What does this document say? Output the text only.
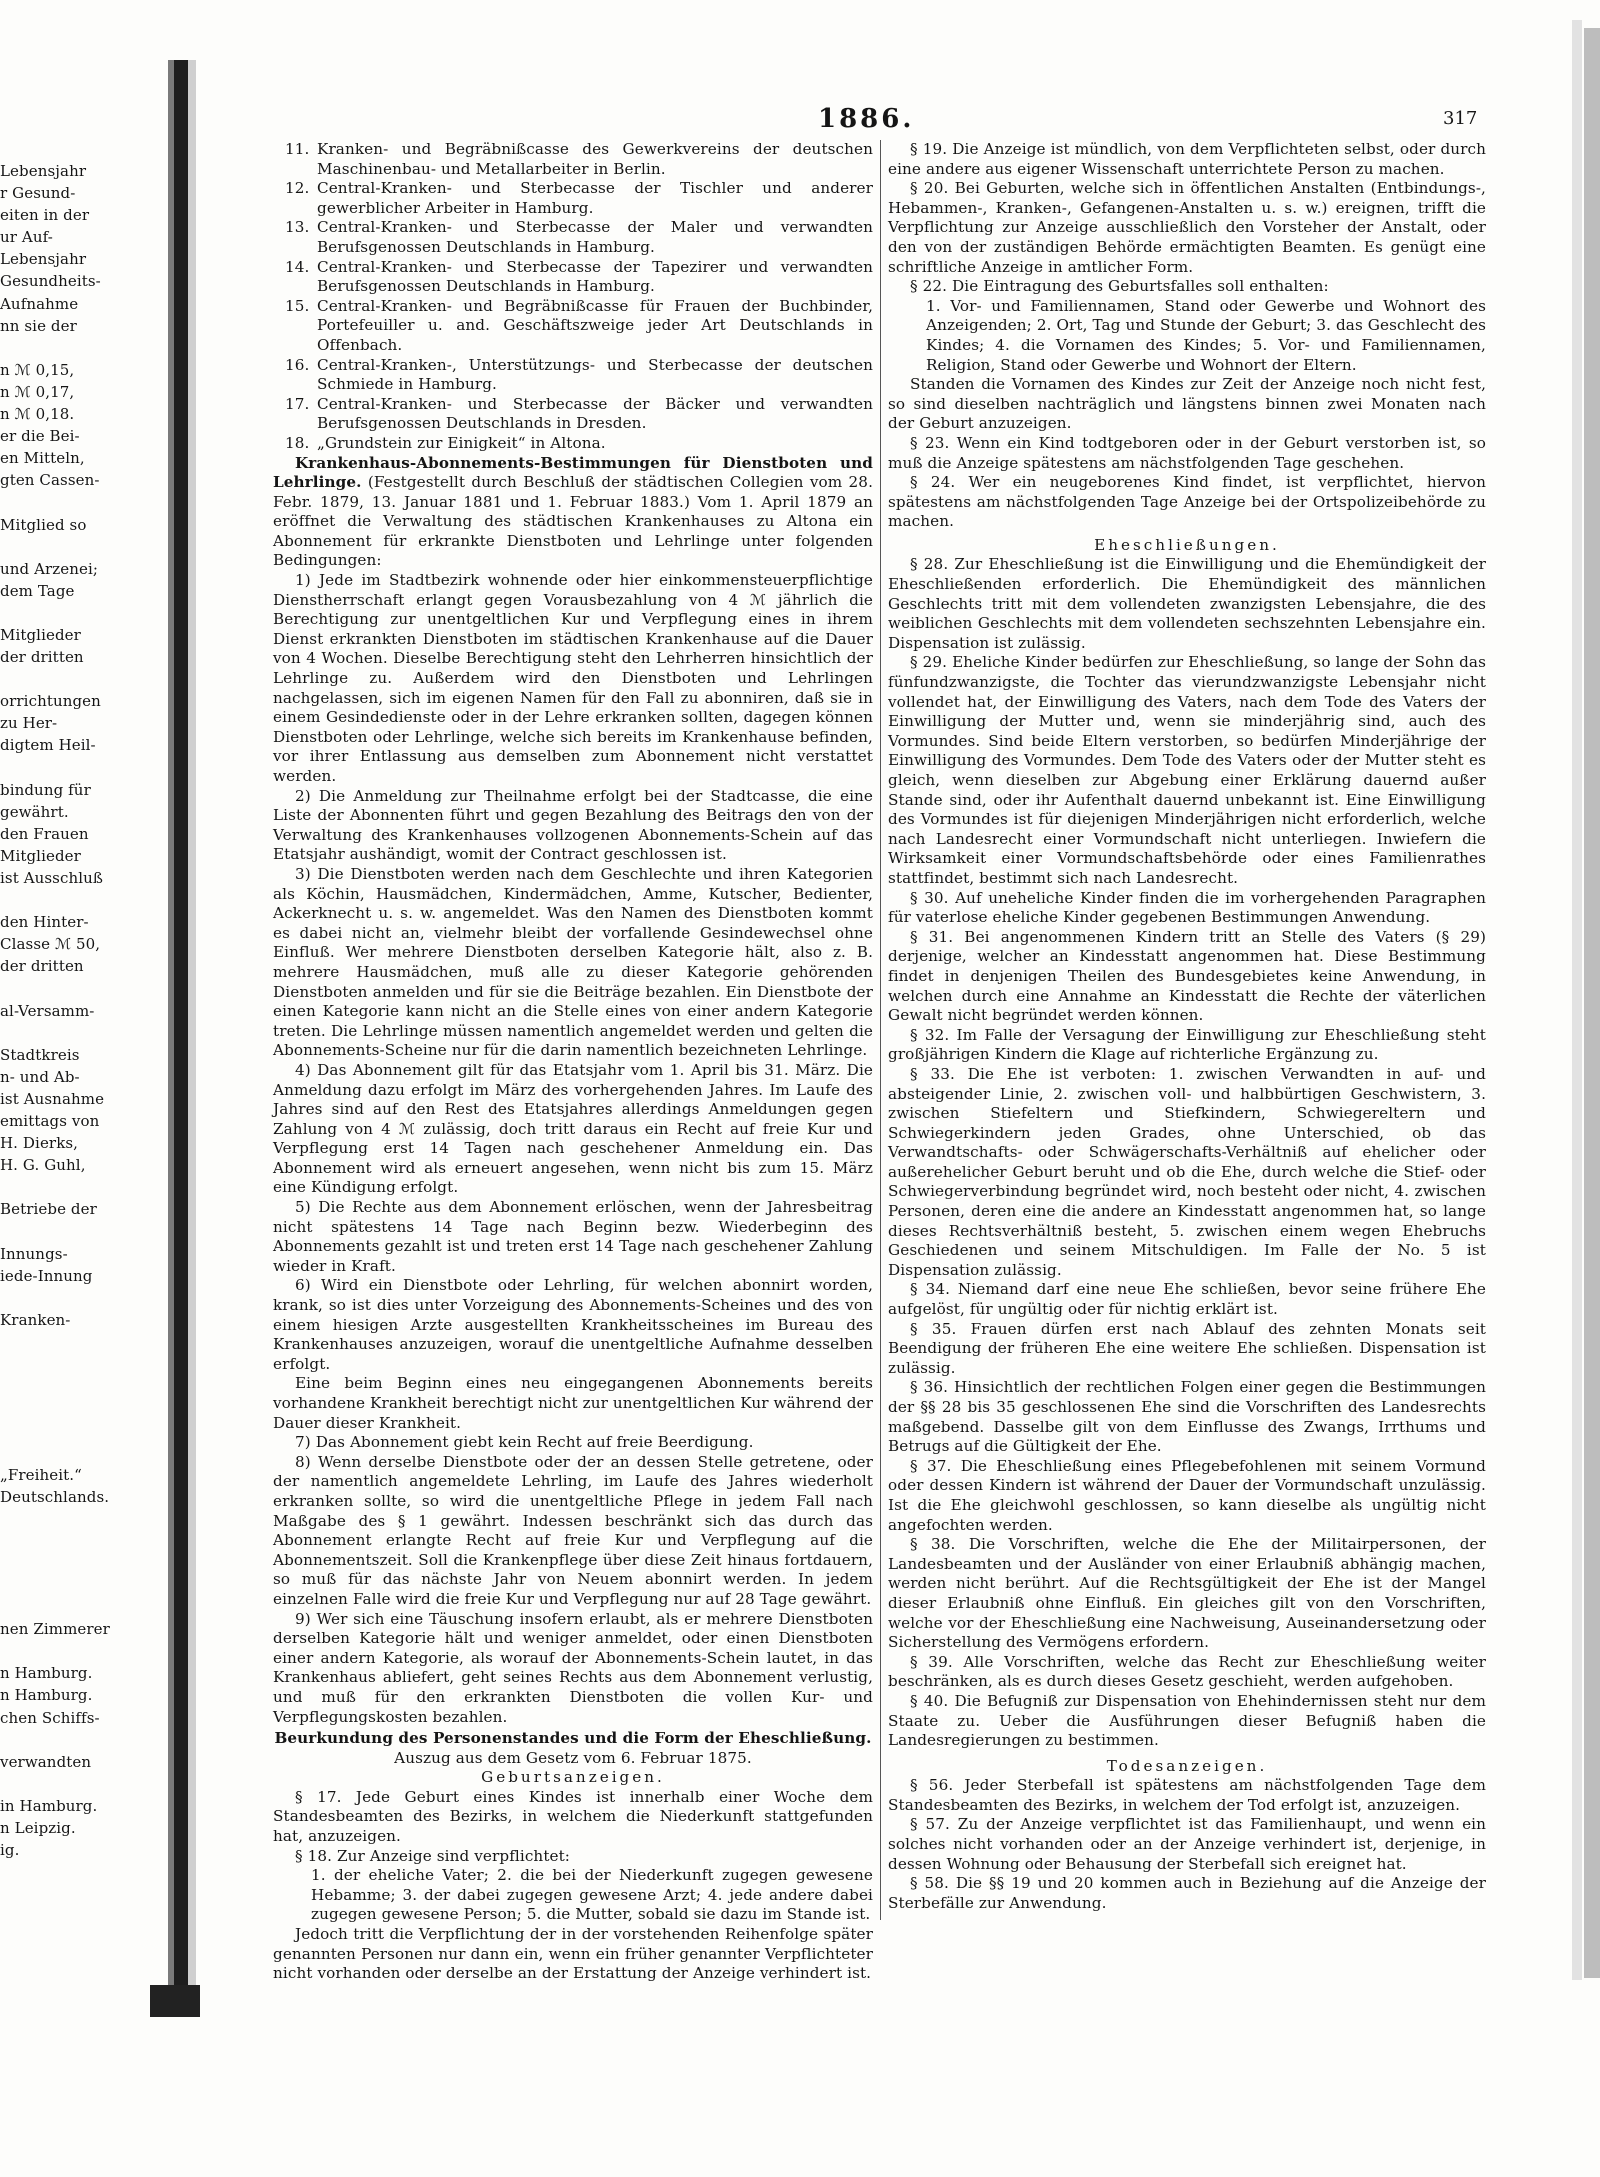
1886.	317

Lebensjahr

r Gesund-

eiten in der

ur Auf-

Lebensjahr

Gesundheits-

Aufnahme

nn sie der

n ℳ 0,15,

n ℳ 0,17,

n ℳ 0,18.

er die Bei-

en Mitteln,

gten Cassen-

Mitglied so

und Arzenei;

dem Tage

Mitglieder

der dritten

orrichtungen

zu Her-

digtem Heil-

bindung für

gewährt.

den Frauen

Mitglieder

ist Ausschluß

den Hinter-

Classe ℳ 50,

der dritten

al-Versamm-

Stadtkreis

n- und Ab-

ist Ausnahme

emittags von

H. Dierks,

H. G. Guhl,

Betriebe der

Innungs-

iede-Innung

Kranken-

„Freiheit.“

Deutschlands.

nen Zimmerer

n Hamburg.

n Hamburg.

chen Schiffs-

verwandten

in Hamburg.

n Leipzig.

ig.

11. Kranken- und Begräbnißcasse des Gewerkvereins der deutschen Maschinenbau- und Metallarbeiter in Berlin.

12. Central-Kranken- und Sterbecasse der Tischler und anderer gewerblicher Arbeiter in Hamburg.

13. Central-Kranken- und Sterbecasse der Maler und verwandten Berufsgenossen Deutschlands in Hamburg.

14. Central-Kranken- und Sterbecasse der Tapezirer und verwandten Berufsgenossen Deutschlands in Hamburg.

15. Central-Kranken- und Begräbnißcasse für Frauen der Buchbinder, Portefeuiller u. and. Geschäftszweige jeder Art Deutschlands in Offenbach.

16. Central-Kranken-, Unterstützungs- und Sterbecasse der deutschen Schmiede in Hamburg.

17. Central-Kranken- und Sterbecasse der Bäcker und verwandten Berufsgenossen Deutschlands in Dresden.

18. „Grundstein zur Einigkeit“ in Altona.

Krankenhaus-Abonnements-Bestimmungen für Dienstboten und Lehrlinge. (Festgestellt durch Beschluß der städtischen Collegien vom 28. Febr. 1879, 13. Januar 1881 und 1. Februar 1883.) Vom 1. April 1879 an eröffnet die Verwaltung des städtischen Krankenhauses zu Altona ein Abonnement für erkrankte Dienstboten und Lehrlinge unter folgenden Bedingungen:

1) Jede im Stadtbezirk wohnende oder hier einkommensteuerpflichtige Dienstherrschaft erlangt gegen Vorausbezahlung von 4 ℳ jährlich die Berechtigung zur unentgeltlichen Kur und Verpflegung eines in ihrem Dienst erkrankten Dienstboten im städtischen Krankenhause auf die Dauer von 4 Wochen. Dieselbe Berechtigung steht den Lehrherren hinsichtlich der Lehrlinge zu. Außerdem wird den Dienstboten und Lehrlingen nachgelassen, sich im eigenen Namen für den Fall zu abonniren, daß sie in einem Gesindedienste oder in der Lehre erkranken sollten, dagegen können Dienstboten oder Lehrlinge, welche sich bereits im Krankenhause befinden, vor ihrer Entlassung aus demselben zum Abonnement nicht verstattet werden.

2) Die Anmeldung zur Theilnahme erfolgt bei der Stadtcasse, die eine Liste der Abonnenten führt und gegen Bezahlung des Beitrags den von der Verwaltung des Krankenhauses vollzogenen Abonnements-Schein auf das Etatsjahr aushändigt, womit der Contract geschlossen ist.

3) Die Dienstboten werden nach dem Geschlechte und ihren Kategorien als Köchin, Hausmädchen, Kindermädchen, Amme, Kutscher, Bedienter, Ackerknecht u. s. w. angemeldet. Was den Namen des Dienstboten kommt es dabei nicht an, vielmehr bleibt der vorfallende Gesindewechsel ohne Einfluß. Wer mehrere Dienstboten derselben Kategorie hält, also z. B. mehrere Hausmädchen, muß alle zu dieser Kategorie gehörenden Dienstboten anmelden und für sie die Beiträge bezahlen. Ein Dienstbote der einen Kategorie kann nicht an die Stelle eines von einer andern Kategorie treten. Die Lehrlinge müssen namentlich angemeldet werden und gelten die Abonnements-Scheine nur für die darin namentlich bezeichneten Lehrlinge.

4) Das Abonnement gilt für das Etatsjahr vom 1. April bis 31. März. Die Anmeldung dazu erfolgt im März des vorhergehenden Jahres. Im Laufe des Jahres sind auf den Rest des Etatsjahres allerdings Anmeldungen gegen Zahlung von 4 ℳ zulässig, doch tritt daraus ein Recht auf freie Kur und Verpflegung erst 14 Tagen nach geschehener Anmeldung ein. Das Abonnement wird als erneuert angesehen, wenn nicht bis zum 15. März eine Kündigung erfolgt.

5) Die Rechte aus dem Abonnement erlöschen, wenn der Jahresbeitrag nicht spätestens 14 Tage nach Beginn bezw. Wiederbeginn des Abonnements gezahlt ist und treten erst 14 Tage nach geschehener Zahlung wieder in Kraft.

6) Wird ein Dienstbote oder Lehrling, für welchen abonnirt worden, krank, so ist dies unter Vorzeigung des Abonnements-Scheines und des von einem hiesigen Arzte ausgestellten Krankheitsscheines im Bureau des Krankenhauses anzuzeigen, worauf die unentgeltliche Aufnahme desselben erfolgt.

Eine beim Beginn eines neu eingegangenen Abonnements bereits vorhandene Krankheit berechtigt nicht zur unentgeltlichen Kur während der Dauer dieser Krankheit.

7) Das Abonnement giebt kein Recht auf freie Beerdigung.

8) Wenn derselbe Dienstbote oder der an dessen Stelle getretene, oder der namentlich angemeldete Lehrling, im Laufe des Jahres wiederholt erkranken sollte, so wird die unentgeltliche Pflege in jedem Fall nach Maßgabe des § 1 gewährt. Indessen beschränkt sich das durch das Abonnement erlangte Recht auf freie Kur und Verpflegung auf die Abonnementszeit. Soll die Krankenpflege über diese Zeit hinaus fortdauern, so muß für das nächste Jahr von Neuem abonnirt werden. In jedem einzelnen Falle wird die freie Kur und Verpflegung nur auf 28 Tage gewährt.

9) Wer sich eine Täuschung insofern erlaubt, als er mehrere Dienstboten derselben Kategorie hält und weniger anmeldet, oder einen Dienstboten einer andern Kategorie, als worauf der Abonnements-Schein lautet, in das Krankenhaus abliefert, geht seines Rechts aus dem Abonnement verlustig, und muß für den erkrankten Dienstboten die vollen Kur- und Verpflegungskosten bezahlen.

Beurkundung des Personenstandes und die Form der Eheschließung.

Auszug aus dem Gesetz vom 6. Februar 1875.

Geburtsanzeigen.

§ 17. Jede Geburt eines Kindes ist innerhalb einer Woche dem Standesbeamten des Bezirks, in welchem die Niederkunft stattgefunden hat, anzuzeigen.

§ 18. Zur Anzeige sind verpflichtet:

1. der eheliche Vater; 2. die bei der Niederkunft zugegen gewesene Hebamme; 3. der dabei zugegen gewesene Arzt; 4. jede andere dabei zugegen gewesene Person; 5. die Mutter, sobald sie dazu im Stande ist.

Jedoch tritt die Verpflichtung der in der vorstehenden Reihenfolge später genannten Personen nur dann ein, wenn ein früher genannter Verpflichteter nicht vorhanden oder derselbe an der Erstattung der Anzeige verhindert ist.

§ 19. Die Anzeige ist mündlich, von dem Verpflichteten selbst, oder durch eine andere aus eigener Wissenschaft unterrichtete Person zu machen.

§ 20. Bei Geburten, welche sich in öffentlichen Anstalten (Entbindungs-, Hebammen-, Kranken-, Gefangenen-Anstalten u. s. w.) ereignen, trifft die Verpflichtung zur Anzeige ausschließlich den Vorsteher der Anstalt, oder den von der zuständigen Behörde ermächtigten Beamten. Es genügt eine schriftliche Anzeige in amtlicher Form.

§ 22. Die Eintragung des Geburtsfalles soll enthalten:

1. Vor- und Familiennamen, Stand oder Gewerbe und Wohnort des Anzeigenden; 2. Ort, Tag und Stunde der Geburt; 3. das Geschlecht des Kindes; 4. die Vornamen des Kindes; 5. Vor- und Familiennamen, Religion, Stand oder Gewerbe und Wohnort der Eltern.

Standen die Vornamen des Kindes zur Zeit der Anzeige noch nicht fest, so sind dieselben nachträglich und längstens binnen zwei Monaten nach der Geburt anzuzeigen.

§ 23. Wenn ein Kind todtgeboren oder in der Geburt verstorben ist, so muß die Anzeige spätestens am nächstfolgenden Tage geschehen.

§ 24. Wer ein neugeborenes Kind findet, ist verpflichtet, hiervon spätestens am nächstfolgenden Tage Anzeige bei der Ortspolizeibehörde zu machen.

Eheschließungen.

§ 28. Zur Eheschließung ist die Einwilligung und die Ehemündigkeit der Eheschließenden erforderlich. Die Ehemündigkeit des männlichen Geschlechts tritt mit dem vollendeten zwanzigsten Lebensjahre, die des weiblichen Geschlechts mit dem vollendeten sechszehnten Lebensjahre ein. Dispensation ist zulässig.

§ 29. Eheliche Kinder bedürfen zur Eheschließung, so lange der Sohn das fünfundzwanzigste, die Tochter das vierundzwanzigste Lebensjahr nicht vollendet hat, der Einwilligung des Vaters, nach dem Tode des Vaters der Einwilligung der Mutter und, wenn sie minderjährig sind, auch des Vormundes. Sind beide Eltern verstorben, so bedürfen Minderjährige der Einwilligung des Vormundes. Dem Tode des Vaters oder der Mutter steht es gleich, wenn dieselben zur Abgebung einer Erklärung dauernd außer Stande sind, oder ihr Aufenthalt dauernd unbekannt ist. Eine Einwilligung des Vormundes ist für diejenigen Minderjährigen nicht erforderlich, welche nach Landesrecht einer Vormundschaft nicht unterliegen. Inwiefern die Wirksamkeit einer Vormundschaftsbehörde oder eines Familienrathes stattfindet, bestimmt sich nach Landesrecht.

§ 30. Auf uneheliche Kinder finden die im vorhergehenden Paragraphen für vaterlose eheliche Kinder gegebenen Bestimmungen Anwendung.

§ 31. Bei angenommenen Kindern tritt an Stelle des Vaters (§ 29) derjenige, welcher an Kindesstatt angenommen hat. Diese Bestimmung findet in denjenigen Theilen des Bundesgebietes keine Anwendung, in welchen durch eine Annahme an Kindesstatt die Rechte der väterlichen Gewalt nicht begründet werden können.

§ 32. Im Falle der Versagung der Einwilligung zur Eheschließung steht großjährigen Kindern die Klage auf richterliche Ergänzung zu.

§ 33. Die Ehe ist verboten: 1. zwischen Verwandten in auf- und absteigender Linie, 2. zwischen voll- und halbbürtigen Geschwistern, 3. zwischen Stiefeltern und Stiefkindern, Schwiegereltern und Schwiegerkindern jeden Grades, ohne Unterschied, ob das Verwandtschafts- oder Schwägerschafts-Verhältniß auf ehelicher oder außerehelicher Geburt beruht und ob die Ehe, durch welche die Stief- oder Schwiegerverbindung begründet wird, noch besteht oder nicht, 4. zwischen Personen, deren eine die andere an Kindesstatt angenommen hat, so lange dieses Rechtsverhältniß besteht, 5. zwischen einem wegen Ehebruchs Geschiedenen und seinem Mitschuldigen. Im Falle der No. 5 ist Dispensation zulässig.

§ 34. Niemand darf eine neue Ehe schließen, bevor seine frühere Ehe aufgelöst, für ungültig oder für nichtig erklärt ist.

§ 35. Frauen dürfen erst nach Ablauf des zehnten Monats seit Beendigung der früheren Ehe eine weitere Ehe schließen. Dispensation ist zulässig.

§ 36. Hinsichtlich der rechtlichen Folgen einer gegen die Bestimmungen der §§ 28 bis 35 geschlossenen Ehe sind die Vorschriften des Landesrechts maßgebend. Dasselbe gilt von dem Einflusse des Zwangs, Irrthums und Betrugs auf die Gültigkeit der Ehe.

§ 37. Die Eheschließung eines Pflegebefohlenen mit seinem Vormund oder dessen Kindern ist während der Dauer der Vormundschaft unzulässig. Ist die Ehe gleichwohl geschlossen, so kann dieselbe als ungültig nicht angefochten werden.

§ 38. Die Vorschriften, welche die Ehe der Militairpersonen, der Landesbeamten und der Ausländer von einer Erlaubniß abhängig machen, werden nicht berührt. Auf die Rechtsgültigkeit der Ehe ist der Mangel dieser Erlaubniß ohne Einfluß. Ein gleiches gilt von den Vorschriften, welche vor der Eheschließung eine Nachweisung, Auseinandersetzung oder Sicherstellung des Vermögens erfordern.

§ 39. Alle Vorschriften, welche das Recht zur Eheschließung weiter beschränken, als es durch dieses Gesetz geschieht, werden aufgehoben.

§ 40. Die Befugniß zur Dispensation von Ehehindernissen steht nur dem Staate zu. Ueber die Ausführungen dieser Befugniß haben die Landesregierungen zu bestimmen.

Todesanzeigen.

§ 56. Jeder Sterbefall ist spätestens am nächstfolgenden Tage dem Standesbeamten des Bezirks, in welchem der Tod erfolgt ist, anzuzeigen.

§ 57. Zu der Anzeige verpflichtet ist das Familienhaupt, und wenn ein solches nicht vorhanden oder an der Anzeige verhindert ist, derjenige, in dessen Wohnung oder Behausung der Sterbefall sich ereignet hat.

§ 58. Die §§ 19 und 20 kommen auch in Beziehung auf die Anzeige der Sterbefälle zur Anwendung.
